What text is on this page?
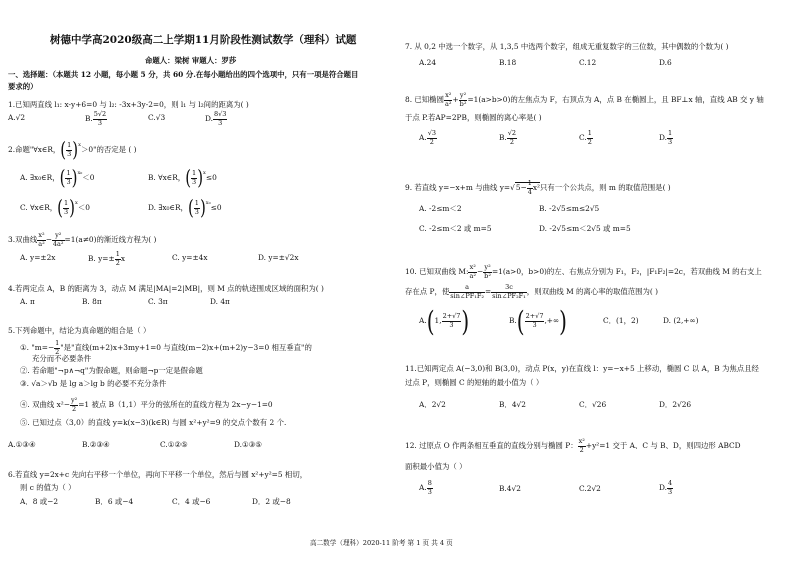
树德中学高2020级高二上学期11月阶段性测试数学（理科）试题
命题人：梁树 审题人：罗莎
一、选择题：（本题共 12 小题，每小题 5 分，共 60 分.在每小题给出的四个选项中，只有一项是符合题目
要求的）
1.已知两直线 l₁: x-y+6=0 与 l₂: -3x+3y-2=0，则 l₁ 与 l₂间的距离为( )
A.√2	B. $\frac{5√2}{3}$	C.√3	D. $\frac{8√3}{3}$
2.命题"∀x∈R，( $\frac{1}{3} )^x>0$"的否定是 ( )
A. ∃x₀∈R，( $\frac{1}{3} )^{x_0}<0$	B. ∀x∈R，( $\frac{1}{3} )^x\le 0$
C. ∀x∈R，( $\frac{1}{3} )^x<0$	D. ∃x₀∈R，( $\frac{1}{3} )^{x_0}\le 0$
3.双曲线 $\frac{\text{x²}}{\text{a²}} - \frac{\text{y²}}{\text{4a²}} =1(a\ne 0)$的渐近线方程为( )
A. y=±2x	B. $y=\pm \frac{1}{2}$ x	C. y=±4x	D. y=±√2x
4.若两定点 A，B 的距离为 3，动点 M 满足|MA|=2|MB|，则 M 点的轨迹围成区域的面积为( )
A. π	B. 8π	C. 3π	D. 4π
5.下列命题中，结论为真命题的组合是（ ）
①. "$m=- \frac{1}{2}$ "是"直线(m+2)x+3my+1=0 与直线(m−2)x+(m+2)y−3=0 相互垂直"的
充分而不必要条件
②. 若命题"¬p∧¬q"为假命题，则命题¬p一定是假命题
③. √a＞√b 是 lg a＞lg b 的必要不充分条件
④. 双曲线 $x^2- \frac{\text{y²}}{2} =1$ 被点 B（1,1）平分的弦所在的直线方程为 2x−y−1=0
⑤. 已知过点（3,0）的直线 y=k(x−3)(k∈R) 与圆 x²+y²=9 的交点个数有 2 个.
A.①③④	B.②③④	C.①②⑤	D.①③⑤
6.若直线 y=2x+c 先向右平移一个单位，再向下平移一个单位，然后与圆 x²+y²=5 相切，
则 c 的值为（ ）
A．8 或−2	B．6 或−4	C．4 或−6	D．2 或−8
7. 从 0,2 中选一个数字，从 1,3,5 中选两个数字，组成无重复数字的三位数，其中偶数的个数为( )
A.24	B.18	C.12	D.6
8. 已知椭圆 $\frac{\text{x²}}{\text{a²}} + \frac{\text{y²}}{\text{b²}} =1(a>b>0)$的左焦点为 F，右顶点为 A，点 B 在椭圆上，且 BF⊥x 轴，直线 AB 交 y 轴
于点 P.若AP=2PB，则椭圆的离心率是( )
A. $\frac{√3}{2}$	B. $\frac{√2}{2}$	C. $\frac{1}{2}$	D. $\frac{1}{3}$
9. 若直线 y=−x+m 与曲线 $y=√5- \frac{1}{4} x^2$只有一个公共点，则 m 的取值范围是( )
A. -2≤m＜2	B. -2√5≤m≤2√5
C. -2≤m＜2 或 m=5	D. -2√5≤m＜2√5 或 m=5
10. 已知双曲线 M: $\frac{\text{x²}}{\text{a²}} - \frac{\text{y²}}{\text{b²}} =1(a>0$，b>0)的左、右焦点分别为 F₁，F₂，|F₁F₂|=2c，若双曲线 M 的右支上
存在点 P，使 $\frac{a}{\text{sin∠PF₁F₂}} = \frac{3c}{\text{sin∠PF₂F₁}}$ ，则双曲线 M 的离心率的取值范围为( )
A.(1, $\frac{2+√7}{3}$ )	$B.( \frac{2+√7}{3}$ ,+∞)	C．(1，2)	D. (2,+∞)
11.已知两定点 A(−3,0)和 B(3,0)，动点 P(x，y)在直线 l：y=−x+5 上移动，椭圆 C 以 A，B 为焦点且经
过点 P，则椭圆 C 的短轴的最小值为（ ）
A．2√2	B．4√2	C．√26	D．2√26
12. 过原点 O 作两条相互垂直的直线分别与椭圆 P： $\frac{\text{x²}}{2} +y^2=1$ 交于 A、C 与 B、D，则四边形 ABCD
面积最小值为（ ）
A. $\frac{8}{3}$	B.4√2	C.2√2	D. $\frac{4}{3}$
高二数学（理科）2020-11 阶考 第 1 页 共 4 页
